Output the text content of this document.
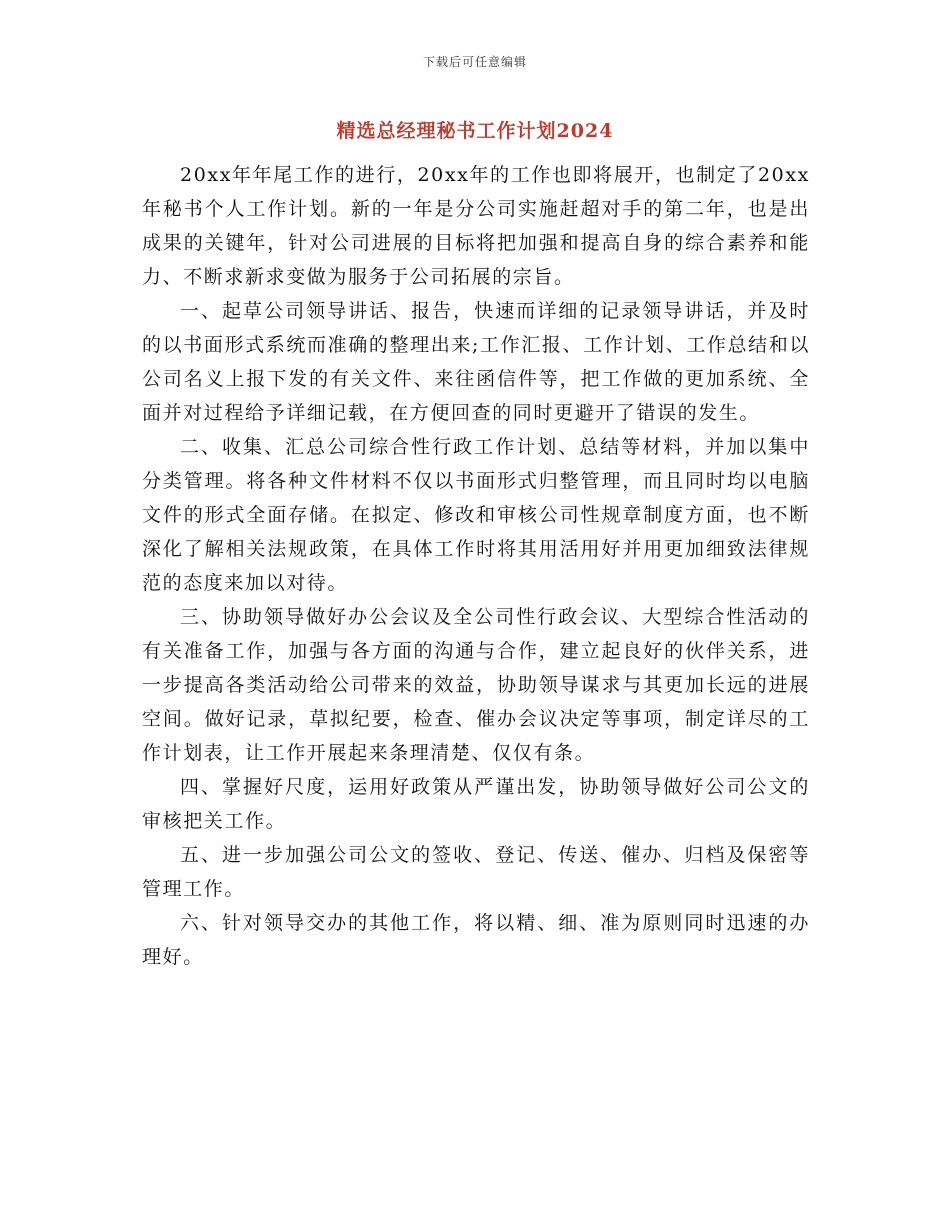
下载后可任意编辑
精选总经理秘书工作计划2024

20xx年年尾工作的进行，20xx年的工作也即将展开，也制定了20xx年秘书个人工作计划。新的一年是分公司实施赶超对手的第二年，也是出成果的关键年，针对公司进展的目标将把加强和提高自身的综合素养和能力、不断求新求变做为服务于公司拓展的宗旨。

一、起草公司领导讲话、报告，快速而详细的记录领导讲话，并及时的以书面形式系统而准确的整理出来;工作汇报、工作计划、工作总结和以公司名义上报下发的有关文件、来往函信件等，把工作做的更加系统、全面并对过程给予详细记载，在方便回查的同时更避开了错误的发生。

二、收集、汇总公司综合性行政工作计划、总结等材料，并加以集中分类管理。将各种文件材料不仅以书面形式归整管理，而且同时均以电脑文件的形式全面存储。在拟定、修改和审核公司性规章制度方面，也不断深化了解相关法规政策，在具体工作时将其用活用好并用更加细致法律规范的态度来加以对待。

三、协助领导做好办公会议及全公司性行政会议、大型综合性活动的有关准备工作，加强与各方面的沟通与合作，建立起良好的伙伴关系，进一步提高各类活动给公司带来的效益，协助领导谋求与其更加长远的进展空间。做好记录，草拟纪要，检查、催办会议决定等事项，制定详尽的工作计划表，让工作开展起来条理清楚、仅仅有条。

四、掌握好尺度，运用好政策从严谨出发，协助领导做好公司公文的审核把关工作。

五、进一步加强公司公文的签收、登记、传送、催办、归档及保密等管理工作。

六、针对领导交办的其他工作，将以精、细、准为原则同时迅速的办理好。
